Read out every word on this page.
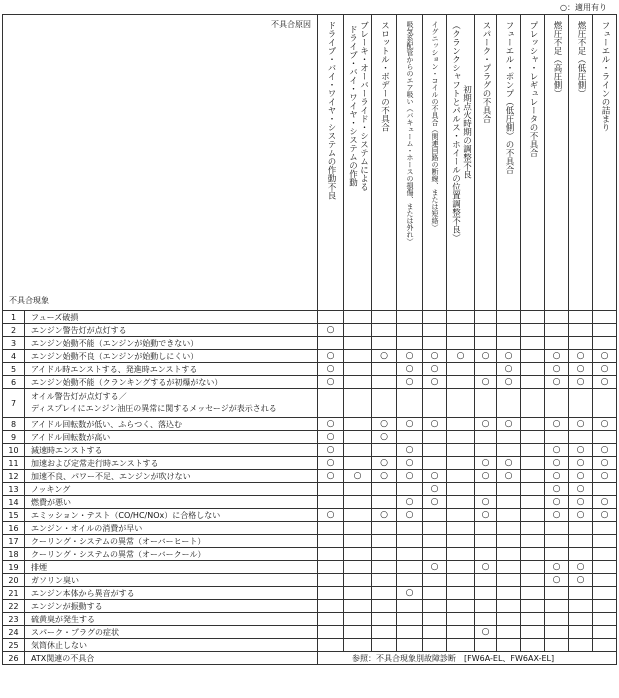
○：適用有り
不具合原因
不具合現象		ドライブ・バイ・ワイヤ・システムの作動不良	ブレーキ・オーバーライド・システムによる
ドライブ・バイ・ワイヤ・システムの作動	スロットル・ボデーの不具合	吸気系配管からのエア吸い（バキューム・ホースの損傷、または外れ）	イグニッション・コイルの不具合（関連回路の断線、または短絡）	初期点火時期の調整不良
（クランクシャフトとパルス・ホイールの位置調整不良）	スパーク・プラグの不具合	フューエル・ポンプ（低圧側）の不具合	プレッシャ・レギュレータの不具合	燃圧不足（高圧側）	燃圧不足（低圧側）	フューエル・ラインの詰まり

1	フューズ破損												
2	エンジン警告灯が点灯する	○											
3	エンジン始動不能（エンジンが始動できない）												
4	エンジン始動不良（エンジンが始動しにくい）	○		○	○	○	○	○	○		○	○	○
5	アイドル時エンストする、発進時エンストする	○			○	○			○		○	○	○
6	エンジン始動不能（クランキングするが初爆がない）	○			○	○		○	○		○	○	○
7	オイル警告灯が点灯する／
ディスプレイにエンジン油圧の異常に関するメッセージが表示される												
8	アイドル回転数が低い、ふらつく、落込む	○		○	○	○		○	○		○	○	○
9	アイドル回転数が高い	○		○									
10	減速時エンストする	○			○						○	○	○
11	加速および定常走行時エンストする	○		○	○			○	○		○	○	○
12	加速不良、パワー不足、エンジンが吹けない	○	○	○	○	○		○	○		○	○	○
13	ノッキング					○					○	○	
14	燃費が悪い				○	○		○			○	○	○
15	エミッション・テスト（CO/HC/NOx）に合格しない	○		○	○			○			○	○	○
16	エンジン・オイルの消費が早い												
17	クーリング・システムの異常（オーバーヒート）												
18	クーリング・システムの異常（オーバークール）												
19	排煙					○		○			○	○	
20	ガソリン臭い										○	○	
21	エンジン本体から異音がする				○								
22	エンジンが振動する												
23	硫黄臭が発生する												
24	スパーク・プラグの症状							○					
25	気筒休止しない												
26	ATX関連の不具合	参照：不具合現象別故障診断　[FW6A-EL、FW6AX-EL]											
